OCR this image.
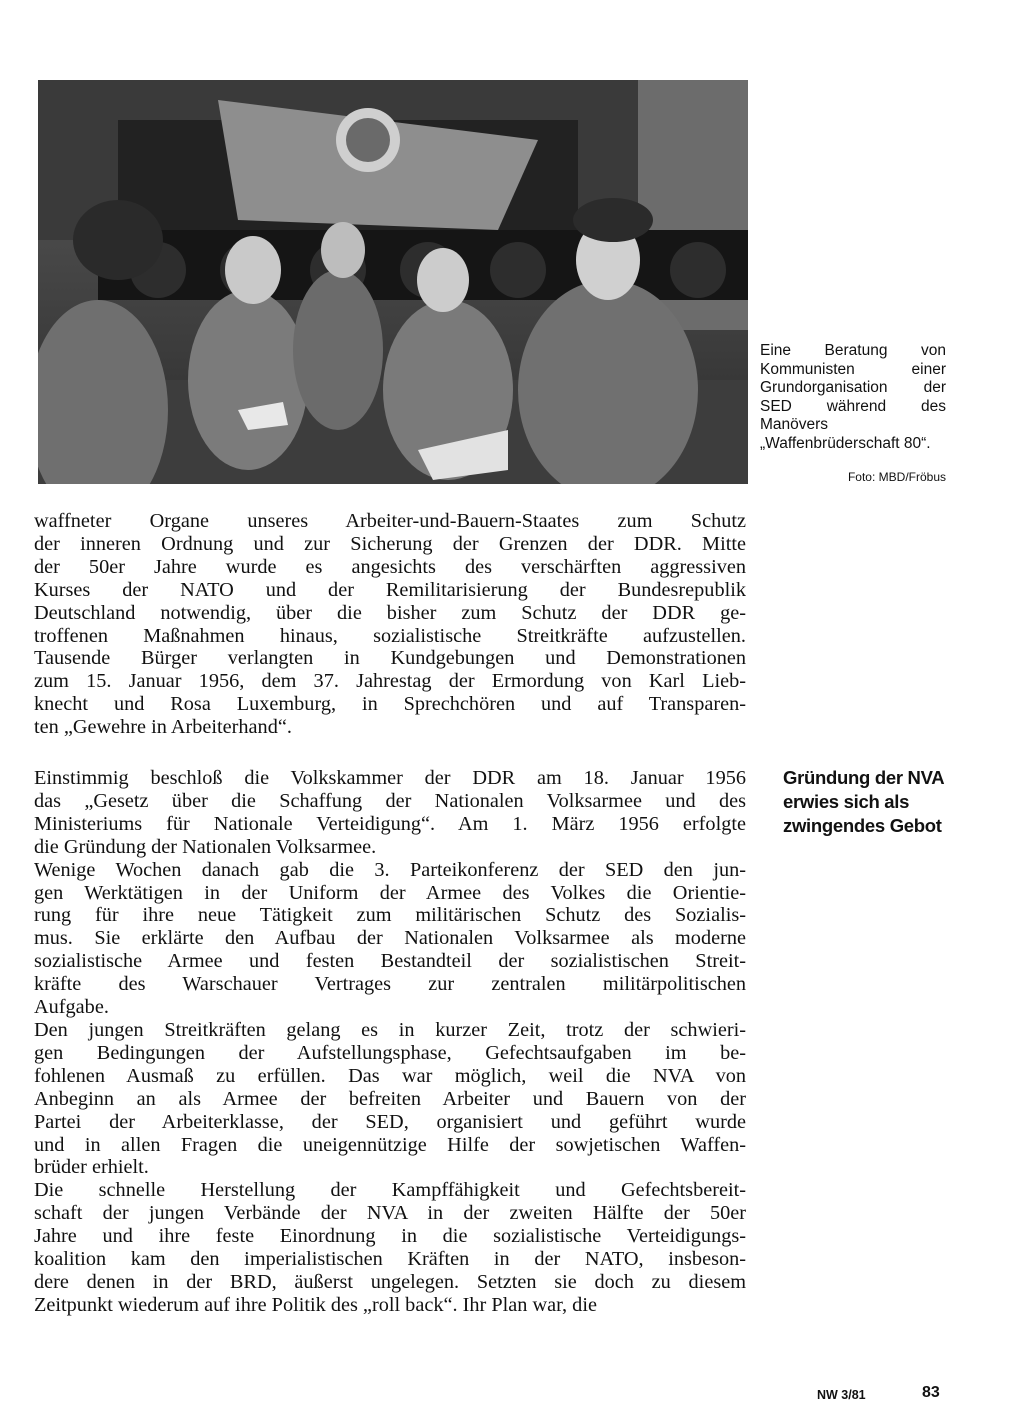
Eine Beratung von Kommunisten einer Grundorganisation der SED während des Manövers „Waffenbrüderschaft 80“.
Foto: MBD/Fröbus
waffneter Organe unseres Arbeiter-und-Bauern-Staates zum Schutz
der inneren Ordnung und zur Sicherung der Grenzen der DDR. Mitte
der 50er Jahre wurde es angesichts des verschärften aggressiven
Kurses der NATO und der Remilitarisierung der Bundesrepublik
Deutschland notwendig, über die bisher zum Schutz der DDR ge-
troffenen Maßnahmen hinaus, sozialistische Streitkräfte aufzustellen.
Tausende Bürger verlangten in Kundgebungen und Demonstrationen
zum 15. Januar 1956, dem 37. Jahrestag der Ermordung von Karl Lieb-
knecht und Rosa Luxemburg, in Sprechchören und auf Transparen-
ten „Gewehre in Arbeiterhand“.
Einstimmig beschloß die Volkskammer der DDR am 18. Januar 1956
das „Gesetz über die Schaffung der Nationalen Volksarmee und des
Ministeriums für Nationale Verteidigung“. Am 1. März 1956 erfolgte
die Gründung der Nationalen Volksarmee.
Wenige Wochen danach gab die 3. Parteikonferenz der SED den jun-
gen Werktätigen in der Uniform der Armee des Volkes die Orientie-
rung für ihre neue Tätigkeit zum militärischen Schutz des Sozialis-
mus. Sie erklärte den Aufbau der Nationalen Volksarmee als moderne
sozialistische Armee und festen Bestandteil der sozialistischen Streit-
kräfte des Warschauer Vertrages zur zentralen militärpolitischen
Aufgabe.
Den jungen Streitkräften gelang es in kurzer Zeit, trotz der schwieri-
gen Bedingungen der Aufstellungsphase, Gefechtsaufgaben im be-
fohlenen Ausmaß zu erfüllen. Das war möglich, weil die NVA von
Anbeginn an als Armee der befreiten Arbeiter und Bauern von der
Partei der Arbeiterklasse, der SED, organisiert und geführt wurde
und in allen Fragen die uneigennützige Hilfe der sowjetischen Waffen-
brüder erhielt.
Die schnelle Herstellung der Kampffähigkeit und Gefechtsbereit-
schaft der jungen Verbände der NVA in der zweiten Hälfte der 50er
Jahre und ihre feste Einordnung in die sozialistische Verteidigungs-
koalition kam den imperialistischen Kräften in der NATO, insbeson-
dere denen in der BRD, äußerst ungelegen. Setzten sie doch zu diesem
Zeitpunkt wiederum auf ihre Politik des „roll back“. Ihr Plan war, die
Gründung der NVA erwies sich als zwingendes Gebot
NW 3/81	83
